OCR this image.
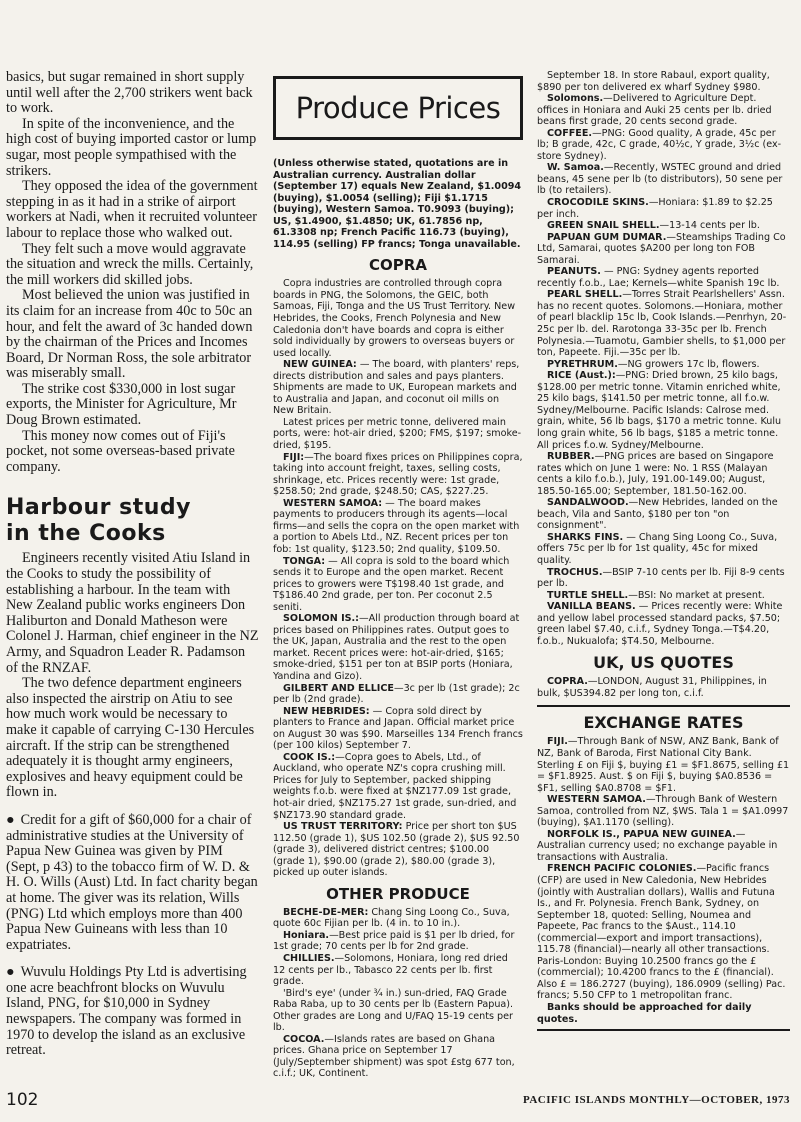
basics, but sugar remained in short supply until well after the 2,700 strikers went back to work.

In spite of the inconvenience, and the high cost of buying imported castor or lump sugar, most people sympathised with the strikers.

They opposed the idea of the government stepping in as it had in a strike of airport workers at Nadi, when it recruited volunteer labour to replace those who walked out.

They felt such a move would aggravate the situation and wreck the mills. Certainly, the mill workers did skilled jobs.

Most believed the union was justified in its claim for an increase from 40c to 50c an hour, and felt the award of 3c handed down by the chairman of the Prices and Incomes Board, Dr Norman Ross, the sole arbitrator was miserably small.

The strike cost $330,000 in lost sugar exports, the Minister for Agriculture, Mr Doug Brown estimated.

This money now comes out of Fiji's pocket, not some overseas-based private company.

Harbour study
in the Cooks

Engineers recently visited Atiu Island in the Cooks to study the possibility of establishing a harbour. In the team with New Zealand public works engineers Don Haliburton and Donald Matheson were Colonel J. Harman, chief engineer in the NZ Army, and Squadron Leader R. Padamson of the RNZAF.

The two defence department engineers also inspected the airstrip on Atiu to see how much work would be necessary to make it capable of carrying C-130 Hercules aircraft. If the strip can be strengthened adequately it is thought army engineers, explosives and heavy equipment could be flown in.

● Credit for a gift of $60,000 for a chair of administrative studies at the University of Papua New Guinea was given by PIM (Sept, p 43) to the tobacco firm of W. D. & H. O. Wills (Aust) Ltd. In fact charity began at home. The giver was its relation, Wills (PNG) Ltd which employs more than 400 Papua New Guineans with less than 10 expatriates.

● Wuvulu Holdings Pty Ltd is advertising one acre beachfront blocks on Wuvulu Island, PNG, for $10,000 in Sydney newspapers. The company was formed in 1970 to develop the island as an exclusive retreat.

Produce Prices

(Unless otherwise stated, quotations are in Australian currency. Australian dollar (September 17) equals New Zealand, $1.0094 (buying), $1.0054 (selling); Fiji $1.1715 (buying), Western Samoa. T0.9093 (buying); US, $1.4900, $1.4850; UK, 61.7856 np, 61.3308 np; French Pacific 116.73 (buying), 114.95 (selling) FP francs; Tonga unavailable.

COPRA

Copra industries are controlled through copra boards in PNG, the Solomons, the GEIC, both Samoas, Fiji, Tonga and the US Trust Territory. New Hebrides, the Cooks, French Polynesia and New Caledonia don't have boards and copra is either sold individually by growers to overseas buyers or used locally.

NEW GUINEA: — The board, with planters' reps, directs distribution and sales and pays planters. Shipments are made to UK, European markets and to Australia and Japan, and coconut oil mills on New Britain.

Latest prices per metric tonne, delivered main ports, were: hot-air dried, $200; FMS, $197; smoke-dried, $195.

FIJI:—The board fixes prices on Philippines copra, taking into account freight, taxes, selling costs, shrinkage, etc. Prices recently were: 1st grade, $258.50; 2nd grade, $248.50; CAS, $227.25.

WESTERN SAMOA: — The board makes payments to producers through its agents—local firms—and sells the copra on the open market with a portion to Abels Ltd., NZ. Recent prices per ton fob: 1st quality, $123.50; 2nd quality, $109.50.

TONGA: — All copra is sold to the board which sends it to Europe and the open market. Recent prices to growers were T$198.40 1st grade, and T$186.40 2nd grade, per ton. Per coconut 2.5 seniti.

SOLOMON IS.:—All production through board at prices based on Philippines rates. Output goes to the UK, Japan, Australia and the rest to the open market. Recent prices were: hot-air-dried, $165; smoke-dried, $151 per ton at BSIP ports (Honiara, Yandina and Gizo).

GILBERT AND ELLICE—3c per lb (1st grade); 2c per lb (2nd grade).

NEW HEBRIDES: — Copra sold direct by planters to France and Japan. Official market price on August 30 was $90. Marseilles 134 French francs (per 100 kilos) September 7.

COOK IS.:—Copra goes to Abels, Ltd., of Auckland, who operate NZ's copra crushing mill. Prices for July to September, packed shipping weights f.o.b. were fixed at $NZ177.09 1st grade, hot-air dried, $NZ175.27 1st grade, sun-dried, and $NZ173.90 standard grade.

US TRUST TERRITORY: Price per short ton $US 112.50 (grade 1), $US 102.50 (grade 2), $US 92.50 (grade 3), delivered district centres; $100.00 (grade 1), $90.00 (grade 2), $80.00 (grade 3), picked up outer islands.

OTHER PRODUCE

BECHE-DE-MER: Chang Sing Loong Co., Suva, quote 60c Fijian per lb. (4 in. to 10 in.).

Honiara.—Best price paid is $1 per lb dried, for 1st grade; 70 cents per lb for 2nd grade.

CHILLIES.—Solomons, Honiara, long red dried 12 cents per lb., Tabasco 22 cents per lb. first grade.

'Bird's eye' (under ¾ in.) sun-dried, FAQ Grade Raba Raba, up to 30 cents per lb (Eastern Papua). Other grades are Long and U/FAQ 15-19 cents per lb.

COCOA.—Islands rates are based on Ghana prices. Ghana price on September 17 (July/September shipment) was spot £stg 677 ton, c.i.f.; UK, Continent.

September 18. In store Rabaul, export quality, $890 per ton delivered ex wharf Sydney $980.

Solomons.—Delivered to Agriculture Dept. offices in Honiara and Auki 25 cents per lb. dried beans first grade, 20 cents second grade.

COFFEE.—PNG: Good quality, A grade, 45c per lb; B grade, 42c, C grade, 40½c, Y grade, 3½c (ex-store Sydney).

W. Samoa.—Recently, WSTEC ground and dried beans, 45 sene per lb (to distributors), 50 sene per lb (to retailers).

CROCODILE SKINS.—Honiara: $1.89 to $2.25 per inch.

GREEN SNAIL SHELL.—13-14 cents per lb.

PAPUAN GUM DUMAR.—Steamships Trading Co Ltd, Samarai, quotes $A200 per long ton FOB Samarai.

PEANUTS. — PNG: Sydney agents reported recently f.o.b., Lae; Kernels—white Spanish 19c lb.

PEARL SHELL.—Torres Strait Pearlshellers' Assn. has no recent quotes. Solomons.—Honiara, mother of pearl blacklip 15c lb, Cook Islands.—Penrhyn, 20-25c per lb. del. Rarotonga 33-35c per lb. French Polynesia.—Tuamotu, Gambier shells, to $1,000 per ton, Papeete. Fiji.—35c per lb.

PYRETHRUM.—NG growers 17c lb, flowers.

RICE (Aust.):—PNG: Dried brown, 25 kilo bags, $128.00 per metric tonne. Vitamin enriched white, 25 kilo bags, $141.50 per metric tonne, all f.o.w. Sydney/Melbourne. Pacific Islands: Calrose med. grain, white, 56 lb bags, $170 a metric tonne. Kulu long grain white, 56 lb bags, $185 a metric tonne. All prices f.o.w. Sydney/Melbourne.

RUBBER.—PNG prices are based on Singapore rates which on June 1 were: No. 1 RSS (Malayan cents a kilo f.o.b.), July, 191.00-149.00; August, 185.50-165.00; September, 181.50-162.00.

SANDALWOOD.—New Hebrides, landed on the beach, Vila and Santo, $180 per ton "on consignment".

SHARKS FINS. — Chang Sing Loong Co., Suva, offers 75c per lb for 1st quality, 45c for mixed quality.

TROCHUS.—BSIP 7-10 cents per lb. Fiji 8-9 cents per lb.

TURTLE SHELL.—BSI: No market at present.

VANILLA BEANS. — Prices recently were: White and yellow label processed standard packs, $7.50; green label $7.40, c.i.f., Sydney Tonga.—T$4.20, f.o.b., Nukualofa; $T4.50, Melbourne.

UK, US QUOTES

COPRA.—LONDON, August 31, Philippines, in bulk, $US394.82 per long ton, c.i.f.

EXCHANGE RATES

FIJI.—Through Bank of NSW, ANZ Bank, Bank of NZ, Bank of Baroda, First National City Bank. Sterling £ on Fiji $, buying £1 = $F1.8675, selling £1 = $F1.8925. Aust. $ on Fiji $, buying $A0.8536 = $F1, selling $A0.8708 = $F1.

WESTERN SAMOA.—Through Bank of Western Samoa, controlled from NZ, $WS. Tala 1 = $A1.0997 (buying), $A1.1170 (selling).

NORFOLK IS., PAPUA NEW GUINEA.—Australian currency used; no exchange payable in transactions with Australia.

FRENCH PACIFIC COLONIES.—Pacific francs (CFP) are used in New Caledonia, New Hebrides (jointly with Australian dollars), Wallis and Futuna Is., and Fr. Polynesia. French Bank, Sydney, on September 18, quoted: Selling, Noumea and Papeete, Pac francs to the $Aust., 114.10 (commercial—export and import transactions), 115.78 (financial)—nearly all other transactions. Paris-London: Buying 10.2500 francs go the £ (commercial); 10.4200 francs to the £ (financial). Also £ = 186.2727 (buying), 186.0909 (selling) Pac. francs; 5.50 CFP to 1 metropolitan franc.

Banks should be approached for daily quotes.

102	PACIFIC ISLANDS MONTHLY—OCTOBER, 1973
